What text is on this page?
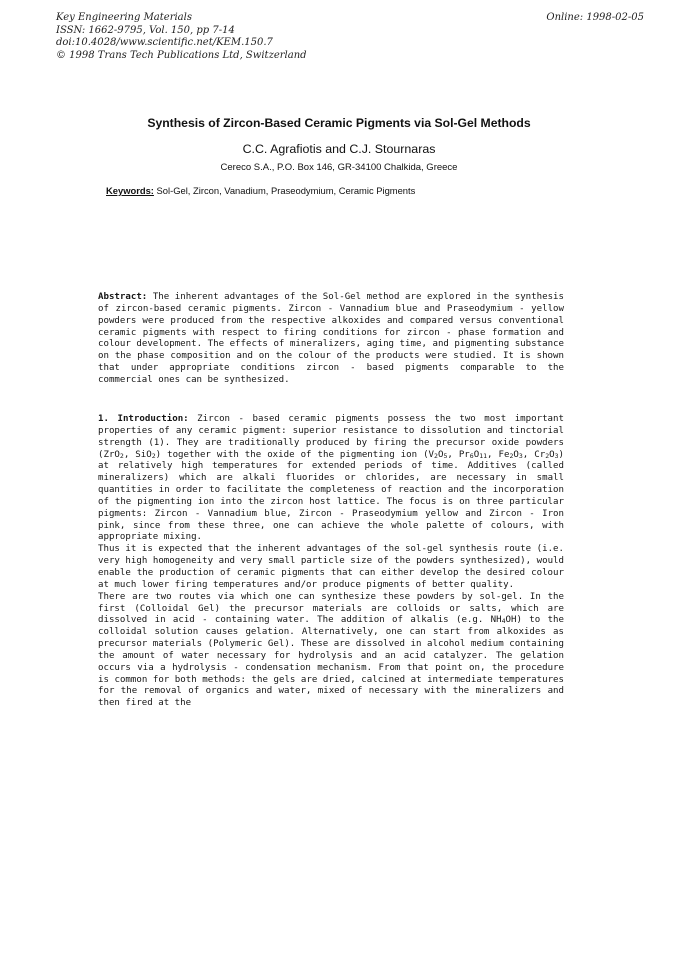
Key Engineering Materials
ISSN: 1662-9795, Vol. 150, pp 7-14
doi:10.4028/www.scientific.net/KEM.150.7
© 1998 Trans Tech Publications Ltd, Switzerland
Online: 1998-02-05
Synthesis of Zircon-Based Ceramic Pigments via Sol-Gel Methods
C.C. Agrafiotis and C.J. Stournaras
Cereco S.A., P.O. Box 146, GR-34100 Chalkida, Greece
Keywords: Sol-Gel, Zircon, Vanadium, Praseodymium, Ceramic Pigments
Abstract: The inherent advantages of the Sol-Gel method are explored in the synthesis of zircon-based ceramic pigments. Zircon - Vannadium blue and Praseodymium - yellow powders were produced from the respective alkoxides and compared versus conventional ceramic pigments with respect to firing conditions for zircon - phase formation and colour development. The effects of mineralizers, aging time, and pigmenting substance on the phase composition and on the colour of the products were studied. It is shown that under appropriate conditions zircon - based pigments comparable to the commercial ones can be synthesized.
1. Introduction: Zircon - based ceramic pigments possess the two most important properties of any ceramic pigment: superior resistance to dissolution and tinctorial strength (1). They are traditionally produced by firing the precursor oxide powders (ZrO$_2$, SiO$_2$) together with the oxide of the pigmenting ion ($V_2O_5$, $Pr_6O_{11}$, $Fe_2O_3$, $Cr_2O_3$) at relatively high temperatures for extended periods of time. Additives (called mineralizers) which are alkali fluorides or chlorides, are necessary in small quantities in order to facilitate the completeness of reaction and the incorporation of the pigmenting ion into the zircon host lattice. The focus is on three particular pigments: Zircon - Vannadium blue, Zircon - Praseodymium yellow and Zircon - Iron pink, since from these three, one can achieve the whole palette of colours, with appropriate mixing.
Thus it is expected that the inherent advantages of the sol-gel synthesis route (i.e. very high homogeneity and very small particle size of the powders synthesized), would enable the production of ceramic pigments that can either develop the desired colour at much lower firing temperatures and/or produce pigments of better quality.
There are two routes via which one can synthesize these powders by sol-gel. In the first (Colloidal Gel) the precursor materials are colloids or salts, which are dissolved in acid - containing water. The addition of alkalis (e.g. $NH_4OH$) to the colloidal solution causes gelation. Alternatively, one can start from alkoxides as precursor materials (Polymeric Gel). These are dissolved in alcohol medium containing the amount of water necessary for hydrolysis and an acid catalyzer. The gelation occurs via a hydrolysis - condensation mechanism. From that point on, the procedure is common for both methods: the gels are dried, calcined at intermediate temperatures for the removal of organics and water, mixed of necessary with the mineralizers and then fired at the
